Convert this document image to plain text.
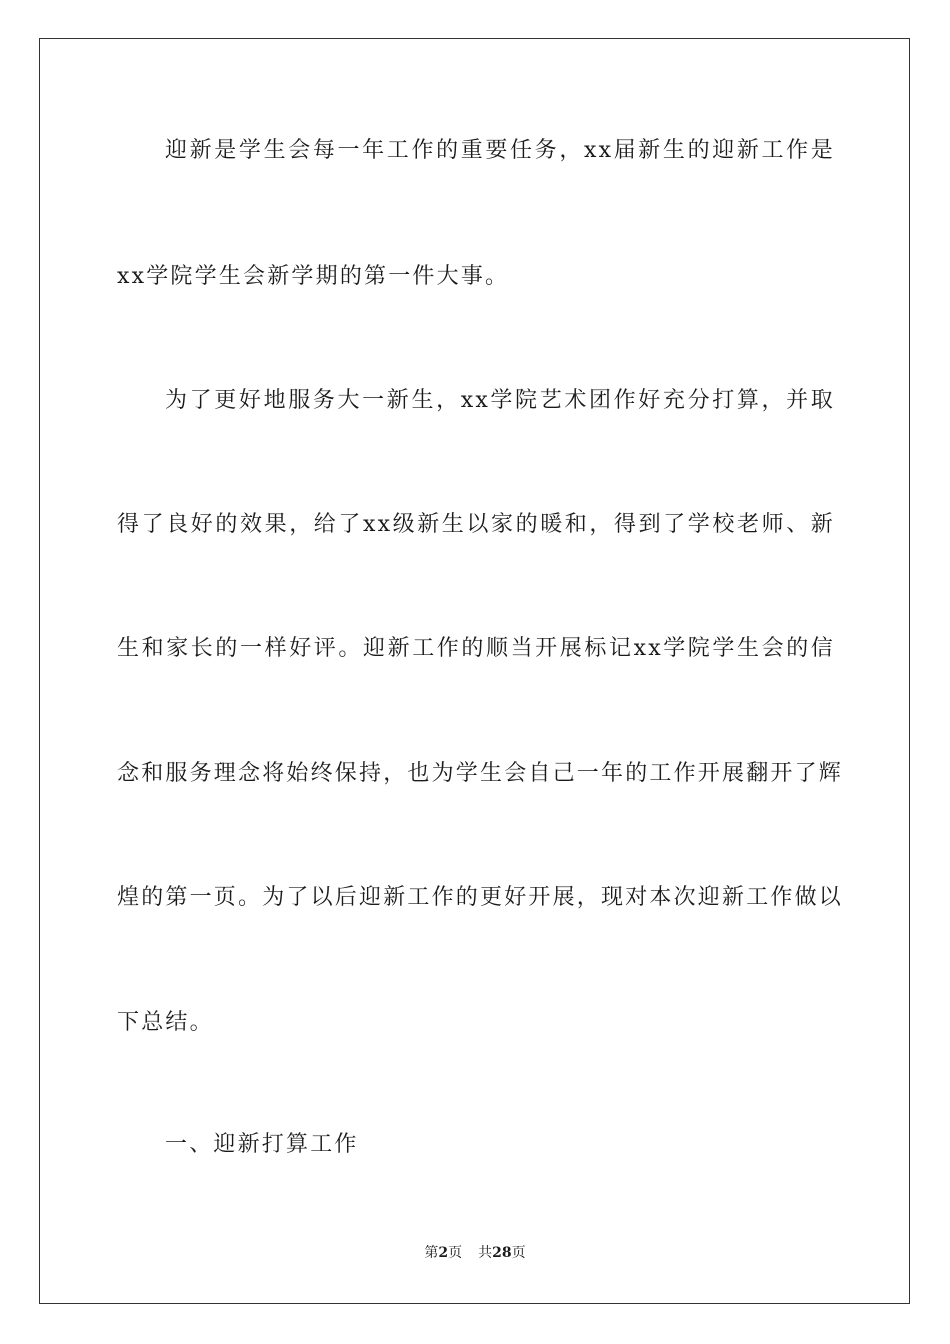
迎新是学生会每一年工作的重要任务，xx届新生的迎新工作是
xx学院学生会新学期的第一件大事。
为了更好地服务大一新生，xx学院艺术团作好充分打算，并取
得了良好的效果，给了xx级新生以家的暖和，得到了学校老师、新
生和家长的一样好评。迎新工作的顺当开展标记xx学院学生会的信
念和服务理念将始终保持，也为学生会自己一年的工作开展翻开了辉
煌的第一页。为了以后迎新工作的更好开展，现对本次迎新工作做以
下总结。
一、迎新打算工作
第2页 共28页
